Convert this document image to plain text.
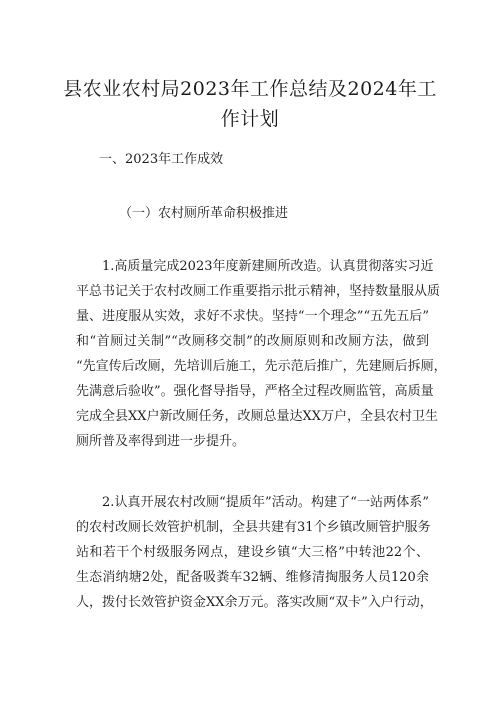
县农业农村局2023年工作总结及2024年工
作计划

一、2023年工作成效

（一）农村厕所革命积极推进

1.高质量完成2023年度新建厕所改造。认真贯彻落实习近
平总书记关于农村改厕工作重要指示批示精神，坚持数量服从质
量、进度服从实效，求好不求快。坚持“一个理念”“五先五后”
和“首厕过关制”“改厕移交制”的改厕原则和改厕方法，做到
“先宣传后改厕，先培训后施工，先示范后推广，先建厕后拆厕，
先满意后验收”。强化督导指导，严格全过程改厕监管，高质量
完成全县XX户新改厕任务，改厕总量达XX万户，全县农村卫生
厕所普及率得到进一步提升。
2.认真开展农村改厕“提质年”活动。构建了“一站两体系”
的农村改厕长效管护机制，全县共建有31个乡镇改厕管护服务
站和若干个村级服务网点，建设乡镇“大三格”中转池22个、
生态消纳塘2处，配备吸粪车32辆、维修清掏服务人员120余
人，拨付长效管护资金XX余万元。落实改厕“双卡”入户行动，
